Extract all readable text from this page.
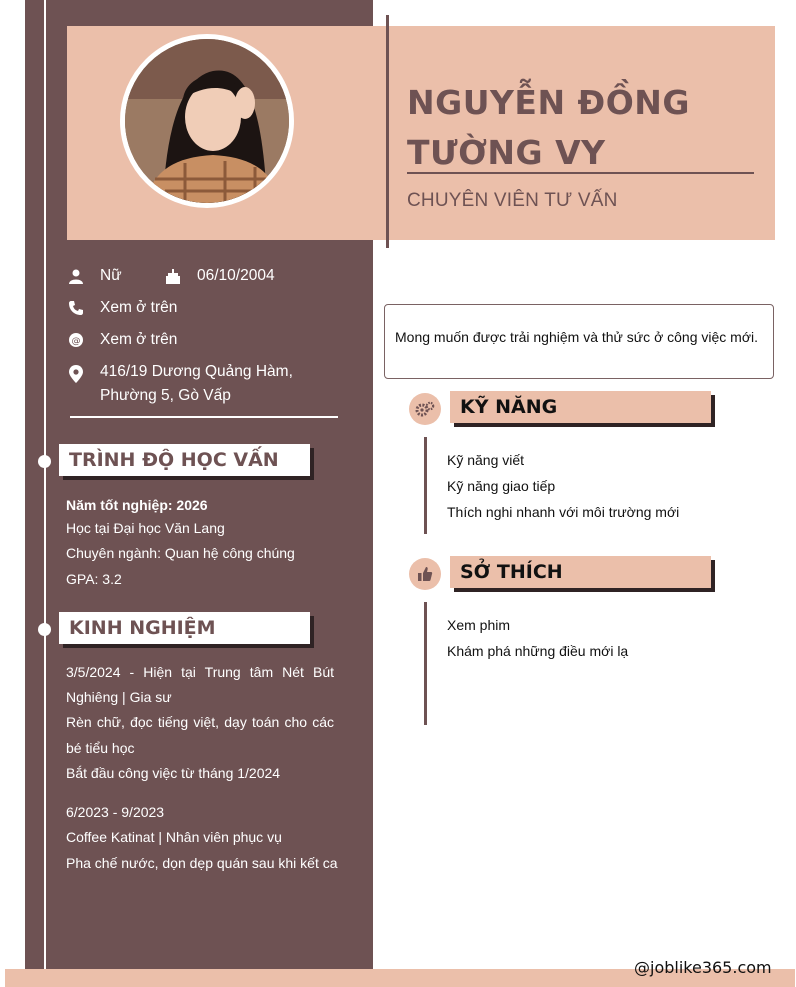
NGUYỄN ĐỒNG
TƯỜNG VY
CHUYÊN VIÊN TƯ VẤN
Nữ	06/10/2004
Xem ở trên
@ Xem ở trên
416/19 Dương Quảng Hàm,
Phường 5, Gò Vấp
TRÌNH ĐỘ HỌC VẤN
Năm tốt nghiệp: 2026
Học tại Đại học Văn Lang
Chuyên ngành: Quan hệ công chúng
GPA: 3.2
KINH NGHIỆM
3/5/2024 - Hiện tại Trung tâm Nét Bút Nghiêng | Gia sư
Rèn chữ, đọc tiếng việt, dạy toán cho các bé tiểu học
Bắt đầu công việc từ tháng 1/2024
6/2023 - 9/2023
Coffee Katinat | Nhân viên phục vụ
Pha chế nước, dọn dẹp quán sau khi kết ca
Mong muốn được trải nghiệm và thử sức ở công việc mới.
KỸ NĂNG
Kỹ năng viết
Kỹ năng giao tiếp
Thích nghi nhanh với môi trường mới
SỞ THÍCH
Xem phim
Khám phá những điều mới lạ
@joblike365.com
